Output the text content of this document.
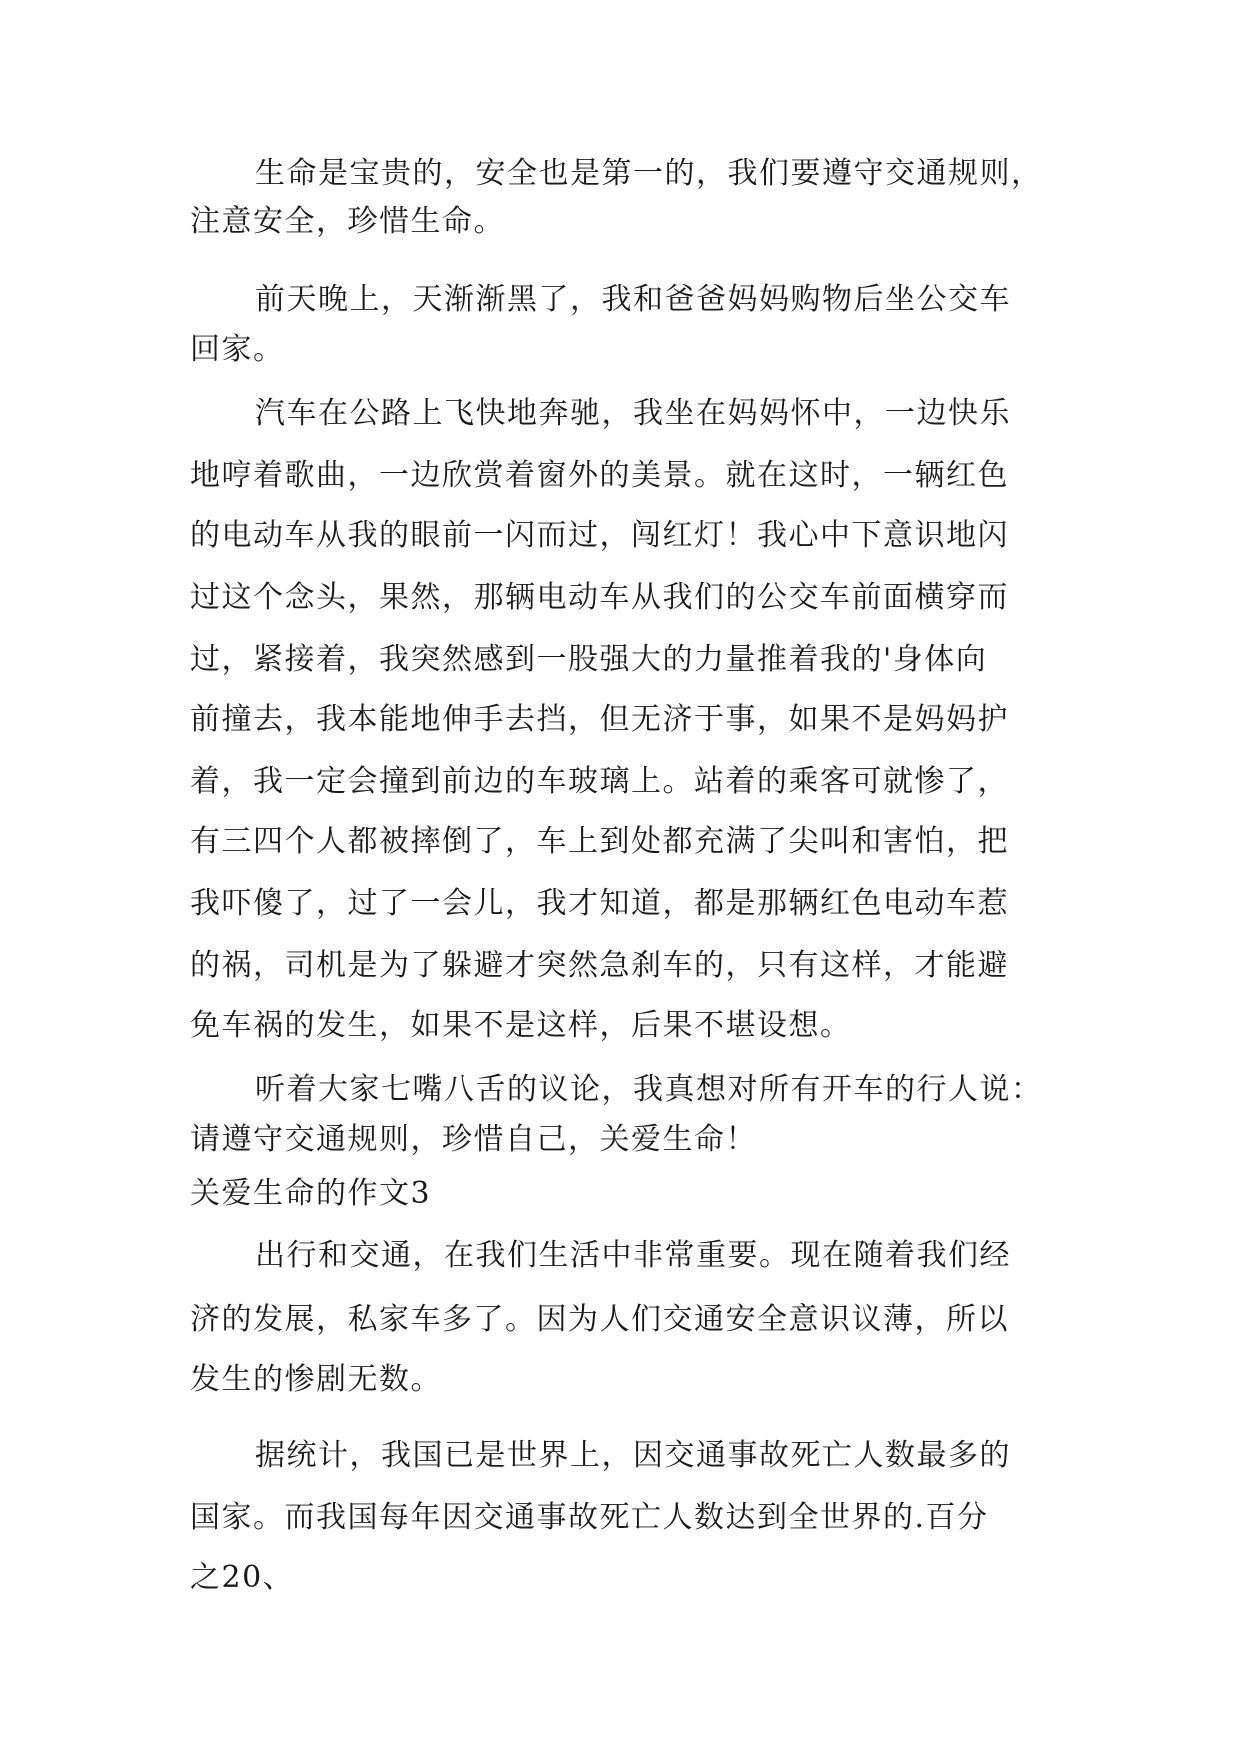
生命是宝贵的，安全也是第一的，我们要遵守交通规则，
注意安全，珍惜生命。
前天晚上，天渐渐黑了，我和爸爸妈妈购物后坐公交车
回家。
汽车在公路上飞快地奔驰，我坐在妈妈怀中，一边快乐
地哼着歌曲，一边欣赏着窗外的美景。就在这时，一辆红色
的电动车从我的眼前一闪而过，闯红灯！我心中下意识地闪
过这个念头，果然，那辆电动车从我们的公交车前面横穿而
过，紧接着，我突然感到一股强大的力量推着我的'身体向
前撞去，我本能地伸手去挡，但无济于事，如果不是妈妈护
着，我一定会撞到前边的车玻璃上。站着的乘客可就惨了，
有三四个人都被摔倒了，车上到处都充满了尖叫和害怕，把
我吓傻了，过了一会儿，我才知道，都是那辆红色电动车惹
的祸，司机是为了躲避才突然急刹车的，只有这样，才能避
免车祸的发生，如果不是这样，后果不堪设想。
听着大家七嘴八舌的议论，我真想对所有开车的行人说：
请遵守交通规则，珍惜自己，关爱生命！
关爱生命的作文3
出行和交通，在我们生活中非常重要。现在随着我们经
济的发展，私家车多了。因为人们交通安全意识议薄，所以
发生的惨剧无数。
据统计，我国已是世界上，因交通事故死亡人数最多的
国家。而我国每年因交通事故死亡人数达到全世界的.百分
之20、
